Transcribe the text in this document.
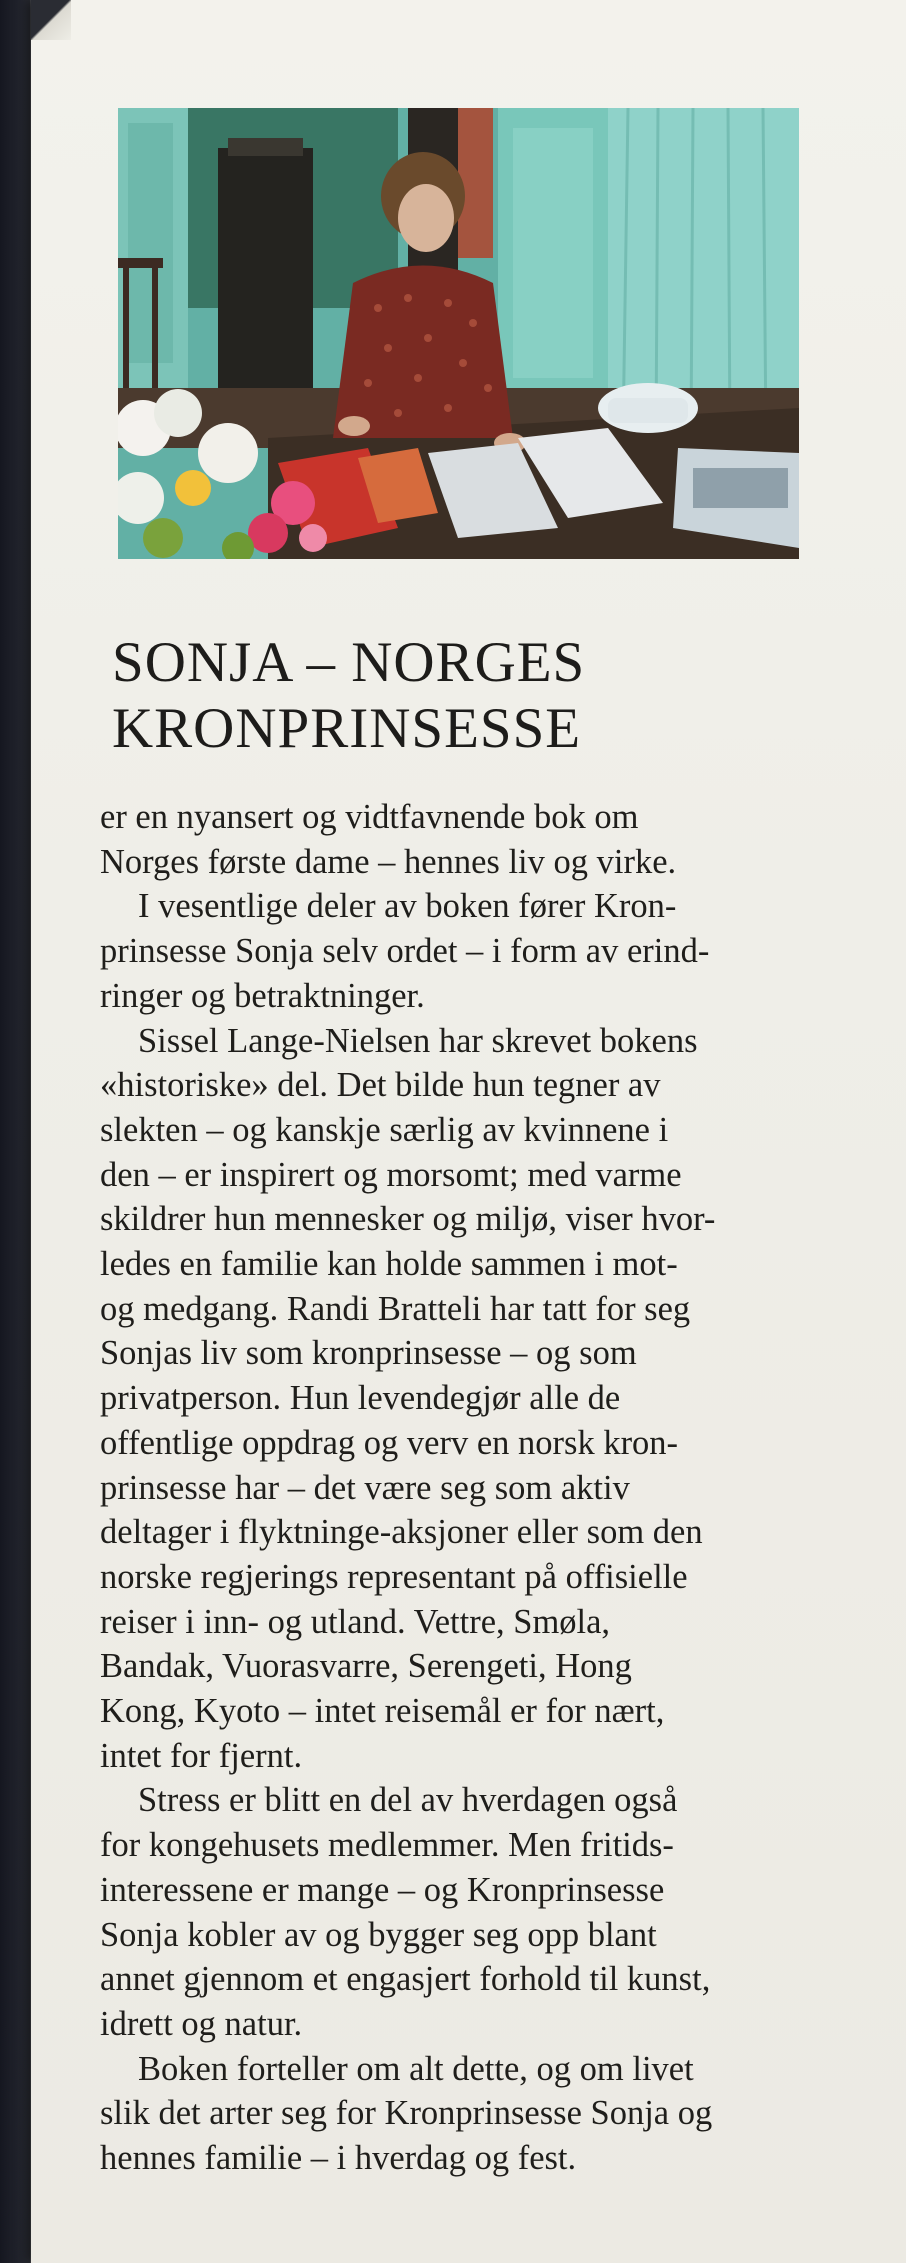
SONJA – NORGES
KRONPRINSESSE
er en nyansert og vidtfavnende bok om
Norges første dame – hennes liv og virke.
I vesentlige deler av boken fører Kron-
prinsesse Sonja selv ordet – i form av erind-
ringer og betraktninger.
Sissel Lange-Nielsen har skrevet bokens
«historiske» del. Det bilde hun tegner av
slekten – og kanskje særlig av kvinnene i
den – er inspirert og morsomt; med varme
skildrer hun mennesker og miljø, viser hvor-
ledes en familie kan holde sammen i mot-
og medgang. Randi Bratteli har tatt for seg
Sonjas liv som kronprinsesse – og som
privatperson. Hun levendegjør alle de
offentlige oppdrag og verv en norsk kron-
prinsesse har – det være seg som aktiv
deltager i flyktninge-aksjoner eller som den
norske regjerings representant på offisielle
reiser i inn- og utland. Vettre, Smøla,
Bandak, Vuorasvarre, Serengeti, Hong
Kong, Kyoto – intet reisemål er for nært,
intet for fjernt.
Stress er blitt en del av hverdagen også
for kongehusets medlemmer. Men fritids-
interessene er mange – og Kronprinsesse
Sonja kobler av og bygger seg opp blant
annet gjennom et engasjert forhold til kunst,
idrett og natur.
Boken forteller om alt dette, og om livet
slik det arter seg for Kronprinsesse Sonja og
hennes familie – i hverdag og fest.
